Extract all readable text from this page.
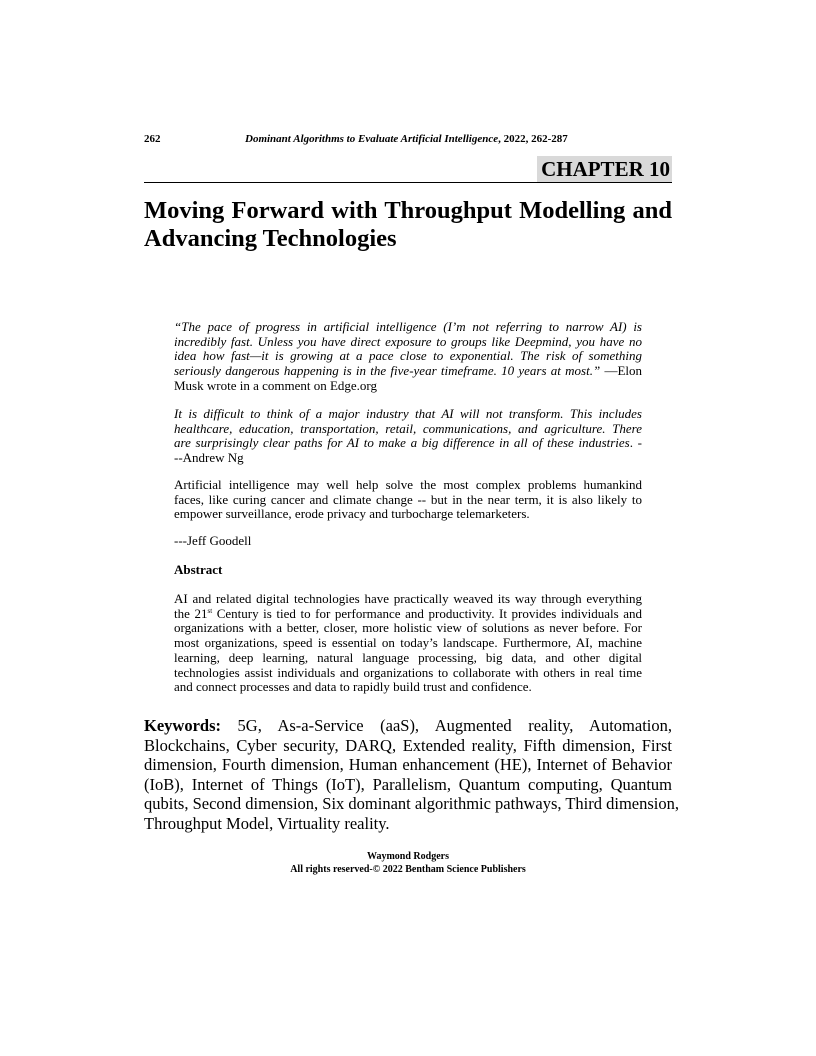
262	Dominant Algorithms to Evaluate Artificial Intelligence, 2022, 262-287
CHAPTER 10
Moving Forward with Throughput Modelling and
Advancing Technologies
“The pace of progress in artificial intelligence (I’m not referring to narrow AI) is
incredibly fast. Unless you have direct exposure to groups like Deepmind, you have no
idea how fast—it is growing at a pace close to exponential. The risk of something
seriously dangerous happening is in the five-year timeframe. 10 years at most.” —Elon
Musk wrote in a comment on Edge.org
It is difficult to think of a major industry that AI will not transform. This includes
healthcare, education, transportation, retail, communications, and agriculture. There
are surprisingly clear paths for AI to make a big difference in all of these industries. -
--Andrew Ng
Artificial intelligence may well help solve the most complex problems humankind
faces, like curing cancer and climate change -- but in the near term, it is also likely to
empower surveillance, erode privacy and turbocharge telemarketers.
---Jeff Goodell
Abstract
AI and related digital technologies have practically weaved its way through everything
the 21st Century is tied to for performance and productivity. It provides individuals and
organizations with a better, closer, more holistic view of solutions as never before. For
most organizations, speed is essential on today’s landscape. Furthermore, AI, machine
learning, deep learning, natural language processing, big data, and other digital
technologies assist individuals and organizations to collaborate with others in real time
and connect processes and data to rapidly build trust and confidence.
Keywords: 5G, As-a-Service (aaS), Augmented reality, Automation,
Blockchains, Cyber security, DARQ, Extended reality, Fifth dimension, First
dimension, Fourth dimension, Human enhancement (HE), Internet of Behavior
(IoB), Internet of Things (IoT), Parallelism, Quantum computing, Quantum
qubits, Second dimension, Six dominant algorithmic pathways, Third dimension,
Throughput Model, Virtuality reality.
Waymond Rodgers
All rights reserved-© 2022 Bentham Science Publishers
